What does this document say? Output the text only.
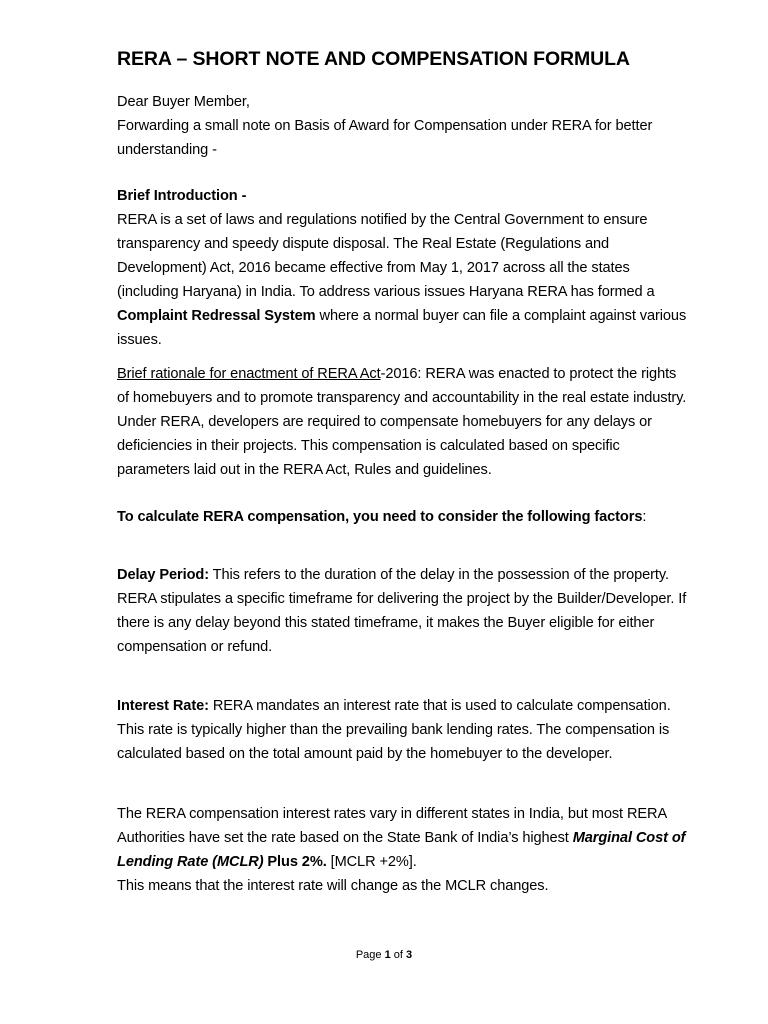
RERA – SHORT NOTE AND COMPENSATION FORMULA

Dear Buyer Member,

Forwarding a small note on Basis of Award for Compensation under RERA for better understanding -

Brief Introduction -

RERA is a set of laws and regulations notified by the Central Government to ensure transparency and speedy dispute disposal. The Real Estate (Regulations and Development) Act, 2016 became effective from May 1, 2017 across all the states (including Haryana) in India. To address various issues Haryana RERA has formed a Complaint Redressal System where a normal buyer can file a complaint against various issues.

Brief rationale for enactment of RERA Act-2016: RERA was enacted to protect the rights of homebuyers and to promote transparency and accountability in the real estate industry. Under RERA, developers are required to compensate homebuyers for any delays or deficiencies in their projects. This compensation is calculated based on specific parameters laid out in the RERA Act, Rules and guidelines.

To calculate RERA compensation, you need to consider the following factors:

Delay Period: This refers to the duration of the delay in the possession of the property. RERA stipulates a specific timeframe for delivering the project by the Builder/Developer. If there is any delay beyond this stated timeframe, it makes the Buyer eligible for either compensation or refund.

Interest Rate: RERA mandates an interest rate that is used to calculate compensation. This rate is typically higher than the prevailing bank lending rates. The compensation is calculated based on the total amount paid by the homebuyer to the developer.

The RERA compensation interest rates vary in different states in India, but most RERA Authorities have set the rate based on the State Bank of India’s highest Marginal Cost of Lending Rate (MCLR) Plus 2%. [MCLR +2%].

This means that the interest rate will change as the MCLR changes.

Page 1 of 3
